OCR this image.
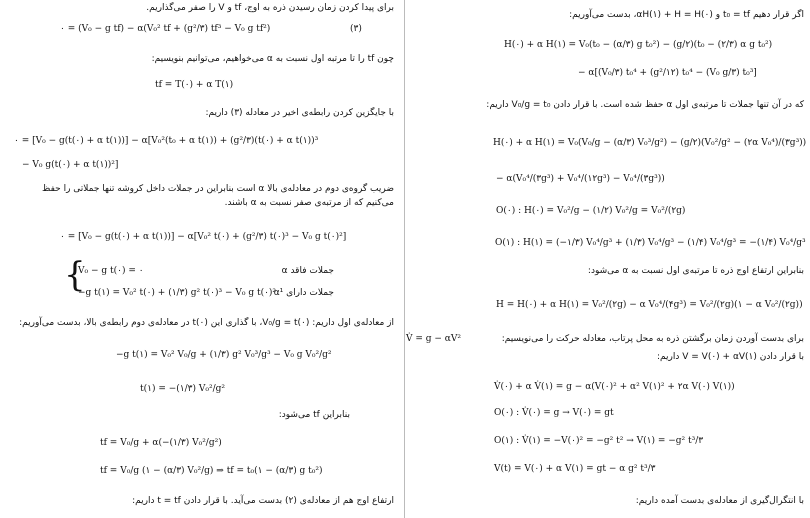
برای پیدا کردن زمان رسیدن ذره به اوج، tf و V را صفر می‌گذاریم.
۰ = (V₀ − g tf) − α(V₀² tf + (g²/۳) tf³ − V₀ g tf²)	(۳)
چون tf را تا مرتبه اول نسبت به α می‌خواهیم، می‌توانیم بنویسیم:
tf = T(۰) + α T(۱)
با جایگزین کردن رابطه‌ی اخیر در معادله (۳) داریم:
۰ = [V₀ − g(t(۰) + α t(۱))] − α[V₀²(t₀ + α t(۱)) + (g²/۳)(t(۰) + α t(۱))³
− V₀ g(t(۰) + α t(۱))²]
ضریب گروه‌ی دوم در معادله‌ی بالا α است بنابراین در جملات داخل کروشه تنها جملاتی را حفظ
می‌کنیم که از مرتبه‌ی صفر نسبت به α باشند.
۰ = [V₀ − g(t(۰) + α t(۱))] − α[V₀² t(۰) + (g²/۳) t(۰)³ − V₀ g t(۰)²]
{
V₀ − g t(۰) = ۰	جملات فاقد α
−g t(۱) = V₀² t(۰) + (۱/۳) g² t(۰)³ − V₀ g t(۰)²
جملات دارای α¹
از معادله‌ی اول داریم: V₀/g = t(۰)، با گذاری این t(۰) در معادله‌ی دوم رابطه‌ی بالا، بدست می‌آوریم:
−g t(۱) = V₀² V₀/g + (۱/۳) g² V₀³/g³ − V₀ g V₀²/g²
t(۱) = −(۱/۳) V₀²/g²
بنابراین tf می‌شود:
tf = V₀/g + α(−(۱/۳) V₀²/g²)
tf = V₀/g (۱ − (α/۳) V₀²/g) ⇒ tf = t₀(۱ − (α/۳) g t₀²)
ارتفاع اوج هم از معادله‌ی (۲) بدست می‌آید. با قرار دادن t = tf داریم:
اگر قرار دهیم t₀ = tf و αH(۱) + H = H(۰)، بدست می‌آوریم:
H(۰) + α H(۱) = V₀(t₀ − (α/۳) g t₀²) − (g/۲)(t₀ − (۲/۳) α g t₀²)
− α[(V₀/۳) t₀⁴ + (g²/۱۲) t₀⁴ − (V₀ g/۳) t₀³]
که در آن تنها جملات تا مرتبه‌ی اول α حفظ شده است. با قرار دادن V₀/g = t₀ داریم:
H(۰) + α H(۱) = V₀(V₀/g − (α/۳) V₀³/g²) − (g/۲)(V₀²/g² − (۲α V₀⁴)/(۳g³))
− α(V₀⁴/(۳g³) + V₀⁴/(۱۲g³) − V₀⁴/(۳g³))
O(۰) : H(۰) = V₀²/g − (۱/۲) V₀²/g = V₀²/(۲g)
O(۱) : H(۱) = (−۱/۳) V₀⁴/g³ + (۱/۳) V₀⁴/g³ − (۱/۴) V₀⁴/g³ = −(۱/۴) V₀⁴/g³
بنابراین ارتفاع اوج ذره تا مرتبه‌ی اول نسبت به α می‌شود:
H = H(۰) + α H(۱) = V₀²/(۲g) − α V₀⁴/(۴g³) = V₀²/(۲g)(۱ − α V₀²/(۲g))
برای بدست آوردن زمان برگشتن ذره به محل پرتاب، معادله حرکت را می‌نویسیم:
V̇ = g − αV²
با قرار دادن V = V(۰) + αV(۱) داریم:
V̇(۰) + α V̇(۱) = g − α(V(۰)² + α² V(۱)² + ۲α V(۰) V(۱))
O(۰) : V̇(۰) = g → V(۰) = gt
O(۱) : V̇(۱) = −V(۰)² = −g² t² → V(۱) = −g² t³/۳
V(t) = V(۰) + α V(۱) = gt − α g² t³/۳
با انتگرال‌گیری از معادله‌ی بدست آمده داریم:
